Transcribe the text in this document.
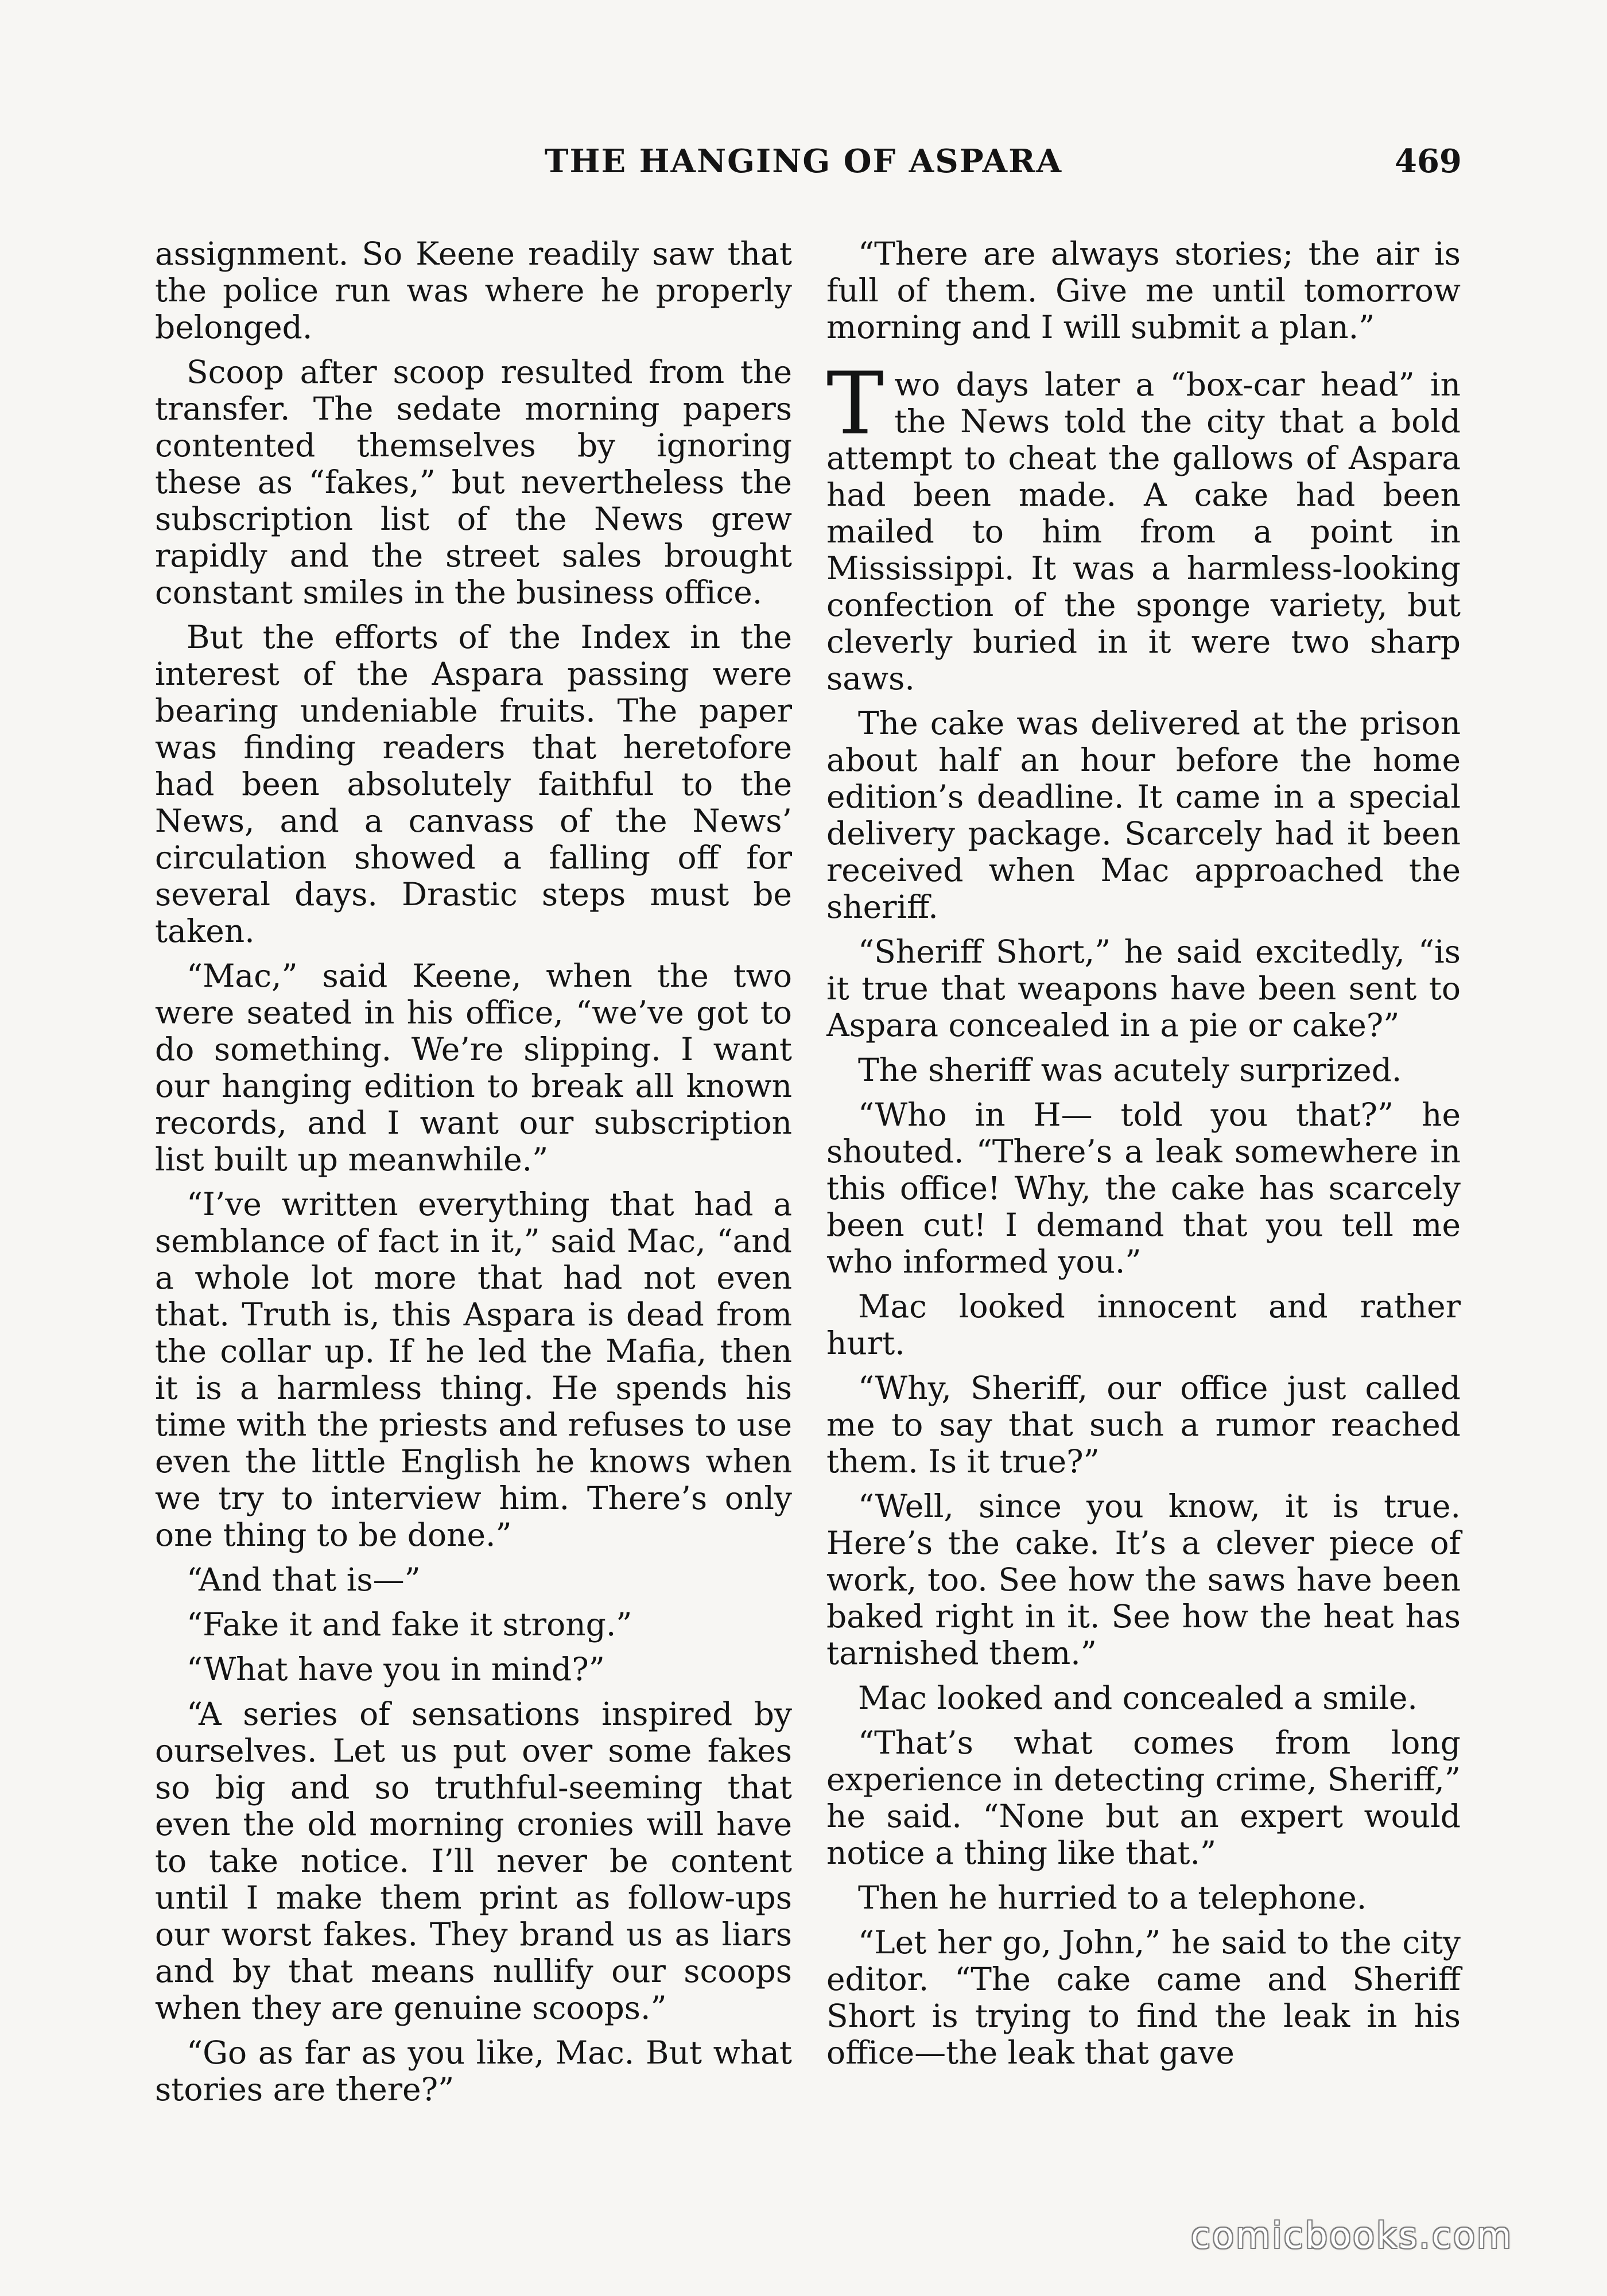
THE HANGING OF ASPARA	469

assignment. So Keene readily saw that the police run was where he properly belonged.

Scoop after scoop resulted from the transfer. The sedate morning papers contented themselves by ignoring these as “fakes,” but nevertheless the subscription list of the News grew rapidly and the street sales brought constant smiles in the business office.

But the efforts of the Index in the interest of the Aspara passing were bearing undeniable fruits. The paper was finding readers that heretofore had been absolutely faithful to the News, and a canvass of the News’ circulation showed a falling off for several days. Drastic steps must be taken.

“Mac,” said Keene, when the two were seated in his office, “we’ve got to do something. We’re slipping. I want our hanging edition to break all known records, and I want our subscription list built up meanwhile.”

“I’ve written everything that had a semblance of fact in it,” said Mac, “and a whole lot more that had not even that. Truth is, this Aspara is dead from the collar up. If he led the Mafia, then it is a harmless thing. He spends his time with the priests and refuses to use even the little English he knows when we try to interview him. There’s only one thing to be done.”

“And that is—”

“Fake it and fake it strong.”

“What have you in mind?”

“A series of sensations inspired by ourselves. Let us put over some fakes so big and so truthful-seeming that even the old morning cronies will have to take notice. I’ll never be content until I make them print as follow-ups our worst fakes. They brand us as liars and by that means nullify our scoops when they are genuine scoops.”

“Go as far as you like, Mac. But what stories are there?”

“There are always stories; the air is full of them. Give me until tomorrow morning and I will submit a plan.”

Two days later a “box-car head” in the News told the city that a bold attempt to cheat the gallows of Aspara had been made. A cake had been mailed to him from a point in Mississippi. It was a harmless-looking confection of the sponge variety, but cleverly buried in it were two sharp saws.

The cake was delivered at the prison about half an hour before the home edition’s deadline. It came in a special delivery package. Scarcely had it been received when Mac approached the sheriff.

“Sheriff Short,” he said excitedly, “is it true that weapons have been sent to Aspara concealed in a pie or cake?”

The sheriff was acutely surprized.

“Who in H— told you that?” he shouted. “There’s a leak somewhere in this office! Why, the cake has scarcely been cut! I demand that you tell me who informed you.”

Mac looked innocent and rather hurt.

“Why, Sheriff, our office just called me to say that such a rumor reached them. Is it true?”

“Well, since you know, it is true. Here’s the cake. It’s a clever piece of work, too. See how the saws have been baked right in it. See how the heat has tarnished them.”

Mac looked and concealed a smile.

“That’s what comes from long experience in detecting crime, Sheriff,” he said. “None but an expert would notice a thing like that.”

Then he hurried to a telephone.

“Let her go, John,” he said to the city editor. “The cake came and Sheriff Short is trying to find the leak in his office—the leak that gave

comicbooks.com
